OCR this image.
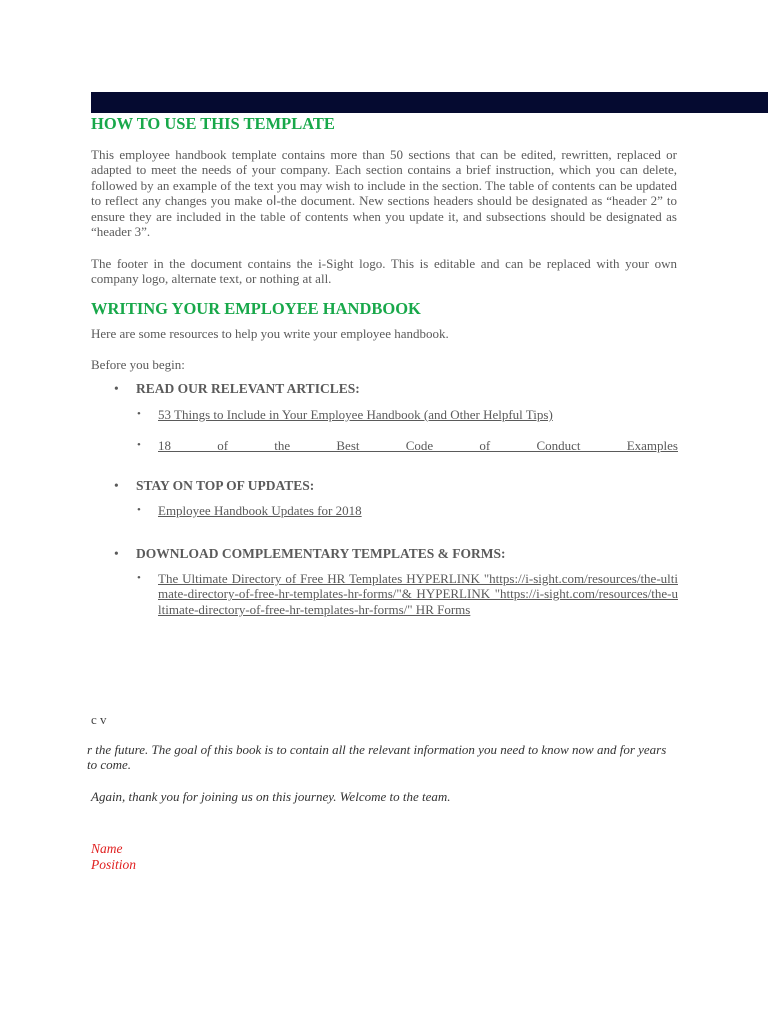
HOW TO USE THIS TEMPLATE

This employee handbook template contains more than 50 sections that can be edited, rewritten, replaced or adapted to meet the needs of your company. Each section contains a brief instruction, which you can delete, followed by an example of the text you may wish to include in the section. The table of contents can be updated to reflect any changes you make oا-the document. New sections headers should be designated as “header 2” to ensure they are included in the table of contents when you update it, and subsections should be designated as “header 3”.

The footer in the document contains the i-Sight logo. This is editable and can be replaced with your own company logo, alternate text, or nothing at all.

WRITING YOUR EMPLOYEE HANDBOOK

Here are some resources to help you write your employee handbook.

Before you begin:

• READ OUR RELEVANT ARTICLES:
• 53 Things to Include in Your Employee Handbook (and Other Helpful Tips)
• 18 of the Best Code of Conduct Examples
• STAY ON TOP OF UPDATES:
• Employee Handbook Updates for 2018
• DOWNLOAD COMPLEMENTARY TEMPLATES & FORMS:
• The Ultimate Directory of Free HR Templates HYPERLINK "https://i-sight.com/resources/the-ultimate-directory-of-free-hr-templates-hr-forms/"& HYPERLINK "https://i-sight.com/resources/the-ultimate-directory-of-free-hr-templates-hr-forms/" HR Forms
c v

r the future. The goal of this book is to contain all the relevant information you need to know now and for years to come.

Again, thank you for joining us on this journey. Welcome to the team.

Name
Position
